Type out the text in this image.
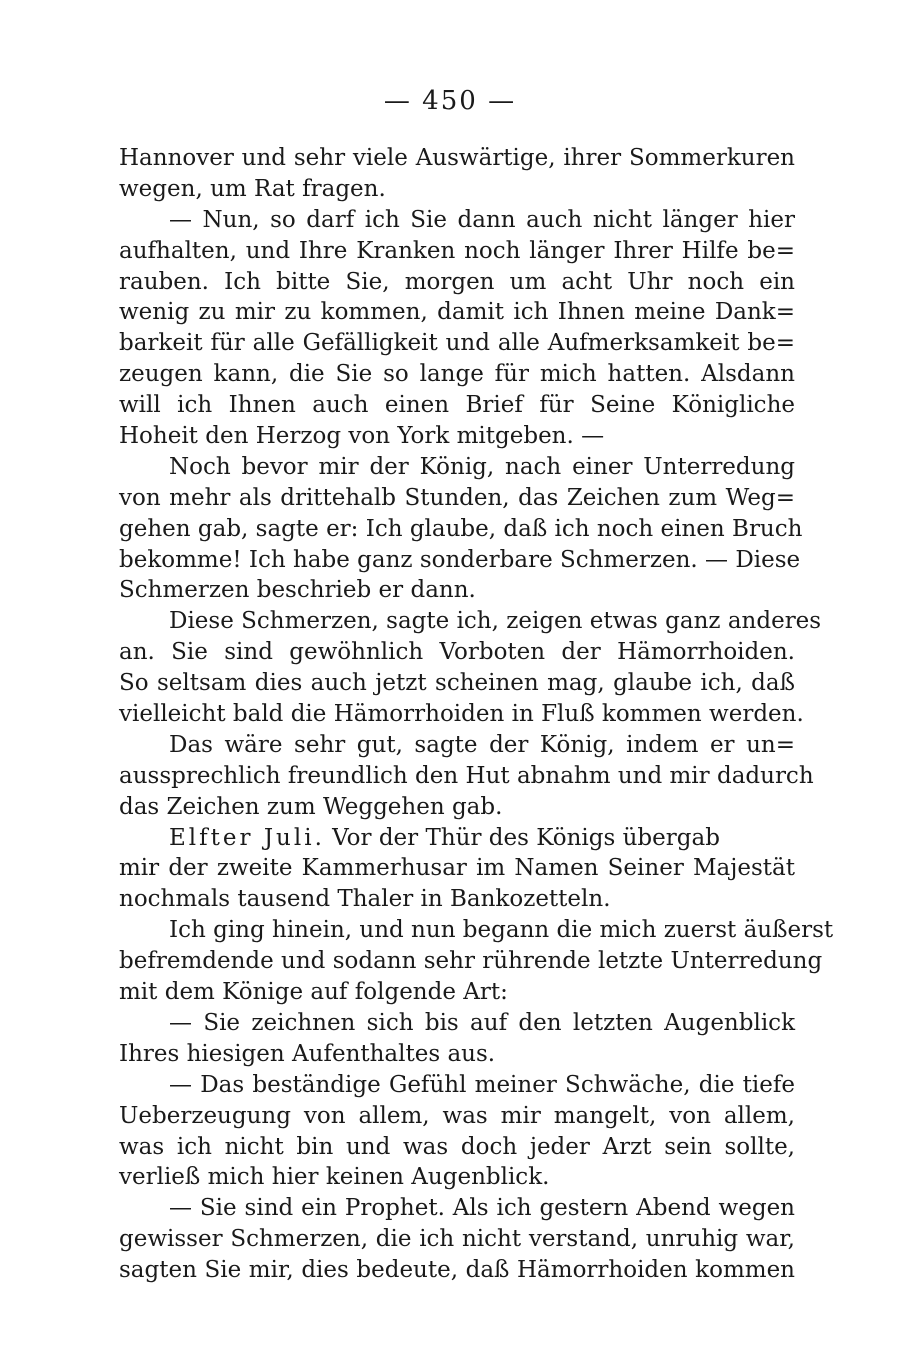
— 450 —
Hannover und sehr viele Auswärtige, ihrer Sommerkuren
wegen, um Rat fragen.
— Nun, so darf ich Sie dann auch nicht länger hier
aufhalten, und Ihre Kranken noch länger Ihrer Hilfe be=
rauben. Ich bitte Sie, morgen um acht Uhr noch ein
wenig zu mir zu kommen, damit ich Ihnen meine Dank=
barkeit für alle Gefälligkeit und alle Aufmerksamkeit be=
zeugen kann, die Sie so lange für mich hatten. Alsdann
will ich Ihnen auch einen Brief für Seine Königliche
Hoheit den Herzog von York mitgeben. —
Noch bevor mir der König, nach einer Unterredung
von mehr als drittehalb Stunden, das Zeichen zum Weg=
gehen gab, sagte er: Ich glaube, daß ich noch einen Bruch
bekomme! Ich habe ganz sonderbare Schmerzen. — Diese
Schmerzen beschrieb er dann.
Diese Schmerzen, sagte ich, zeigen etwas ganz anderes
an. Sie sind gewöhnlich Vorboten der Hämorrhoiden.
So seltsam dies auch jetzt scheinen mag, glaube ich, daß
vielleicht bald die Hämorrhoiden in Fluß kommen werden.
Das wäre sehr gut, sagte der König, indem er un=
aussprechlich freundlich den Hut abnahm und mir dadurch
das Zeichen zum Weggehen gab.
Elfter Juli. Vor der Thür des Königs übergab
mir der zweite Kammerhusar im Namen Seiner Majestät
nochmals tausend Thaler in Bankozetteln.
Ich ging hinein, und nun begann die mich zuerst äußerst
befremdende und sodann sehr rührende letzte Unterredung
mit dem Könige auf folgende Art:
— Sie zeichnen sich bis auf den letzten Augenblick
Ihres hiesigen Aufenthaltes aus.
— Das beständige Gefühl meiner Schwäche, die tiefe
Ueberzeugung von allem, was mir mangelt, von allem,
was ich nicht bin und was doch jeder Arzt sein sollte,
verließ mich hier keinen Augenblick.
— Sie sind ein Prophet. Als ich gestern Abend wegen
gewisser Schmerzen, die ich nicht verstand, unruhig war,
sagten Sie mir, dies bedeute, daß Hämorrhoiden kommen
